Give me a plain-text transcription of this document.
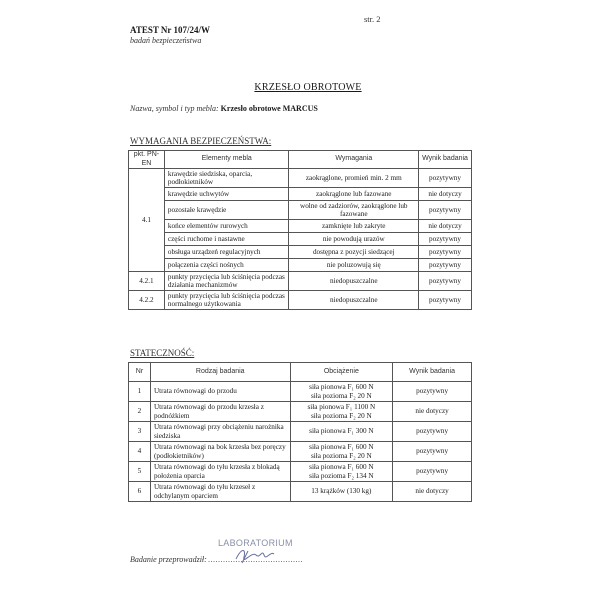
str. 2
ATEST Nr 107/24/W
badań bezpieczeństwa
KRZESŁO OBROTOWE
Nazwa, symbol i typ mebla: Krzesło obrotowe MARCUS
WYMAGANIA BEZPIECZEŃSTWA:
pkt. PN-EN	Elementy mebla	Wymagania	Wynik badania
4.1	krawędzie siedziska, oparcia, podłokietników	zaokrąglone, promień min. 2 mm	pozytywny
	krawędzie uchwytów	zaokrąglone lub fazowane	nie dotyczy
	pozostałe krawędzie	wolne od zadziorów, zaokrąglone lub fazowane	pozytywny
	końce elementów rurowych	zamknięte lub zakryte	nie dotyczy
	części ruchome i nastawne	nie powodują urazów	pozytywny
	obsługa urządzeń regulacyjnych	dostępna z pozycji siedzącej	pozytywny
	połączenia części nośnych	nie poluzowują się	pozytywny
4.2.1	punkty przycięcia lub ściśnięcia podczas działania mechanizmów	niedopuszczalne	pozytywny
4.2.2	punkty przycięcia lub ściśnięcia podczas normalnego użytkowania	niedopuszczalne	pozytywny
STATECZNOŚĆ:
Nr	Rodzaj badania	Obciążenie	Wynik badania
1	Utrata równowagi do przodu	siła pionowa F₁ 600 N
siła pozioma F₂ 20 N	pozytywny
2	Utrata równowagi do przodu krzesła z podnóżkiem	siła pionowa F₁ 1100 N
siła pozioma F₂ 20 N	nie dotyczy
3	Utrata równowagi przy obciążeniu narożnika siedziska	siła pionowa F₁ 300 N	pozytywny
4	Utrata równowagi na bok krzesła bez poręczy (podłokietników)	siła pionowa F₁ 600 N
siła pozioma F₂ 20 N	pozytywny
5	Utrata równowagi do tyłu krzesła z blokadą położenia oparcia	siła pionowa F₁ 600 N
siła pozioma F₂ 134 N	pozytywny
6	Utrata równowagi do tyłu krzeseł z odchylanym oparciem	13 krążków (130 kg)	nie dotyczy
LABORATORIUM
Badanie przeprowadził: ......................................
